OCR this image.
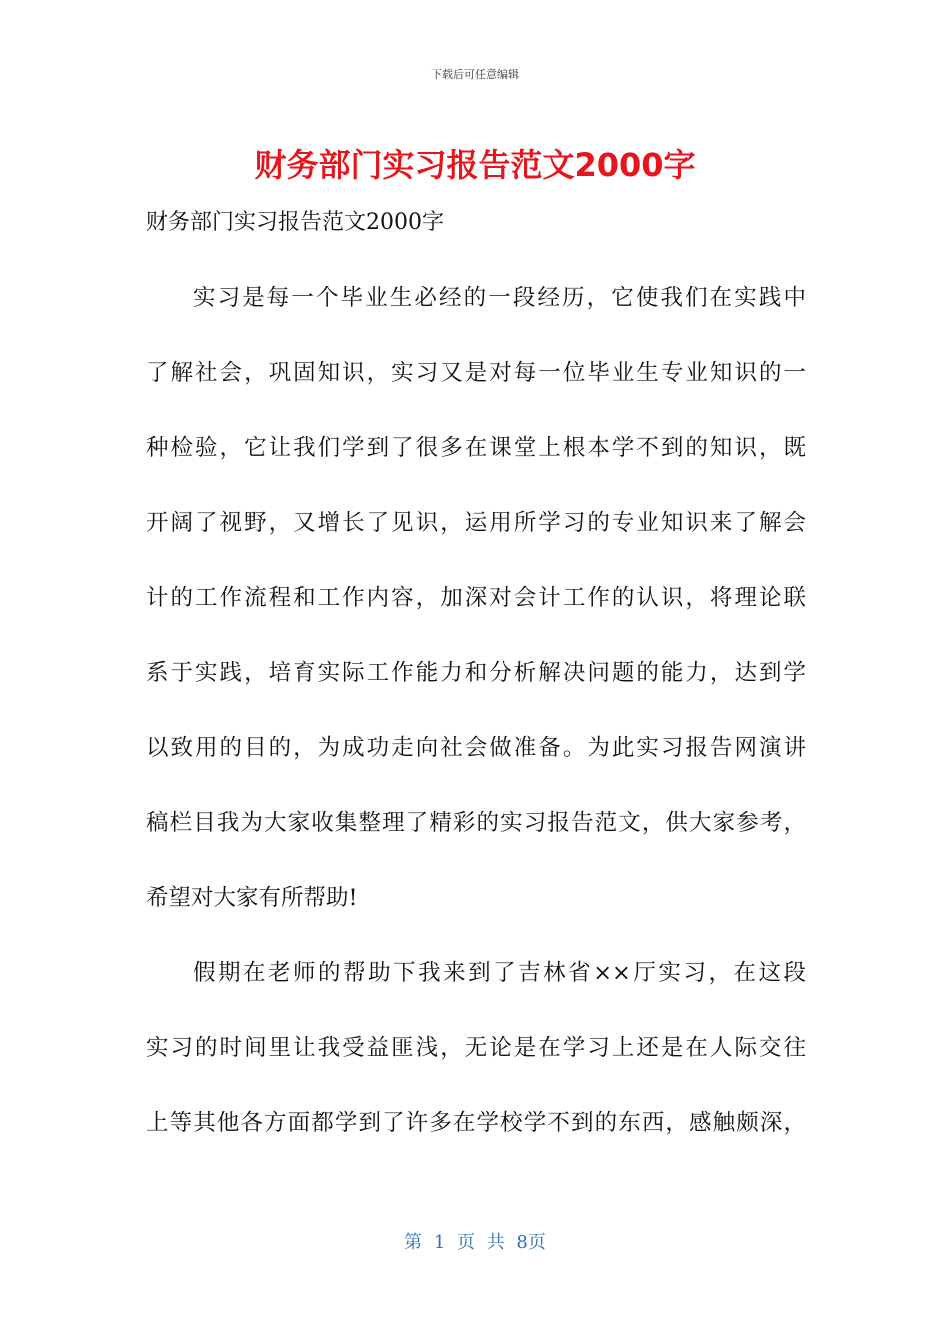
下载后可任意编辑
财务部门实习报告范文2000字
财务部门实习报告范文2000字
实习是每一个毕业生必经的一段经历，它使我们在实践中
了解社会，巩固知识，实习又是对每一位毕业生专业知识的一
种检验，它让我们学到了很多在课堂上根本学不到的知识，既
开阔了视野，又增长了见识，运用所学习的专业知识来了解会
计的工作流程和工作内容，加深对会计工作的认识，将理论联
系于实践，培育实际工作能力和分析解决问题的能力，达到学
以致用的目的，为成功走向社会做准备。为此实习报告网演讲
稿栏目我为大家收集整理了精彩的实习报告范文，供大家参考，
希望对大家有所帮助!
假期在老师的帮助下我来到了吉林省××厅实习，在这段
实习的时间里让我受益匪浅，无论是在学习上还是在人际交往
上等其他各方面都学到了许多在学校学不到的东西，感触颇深，
第 1 页 共 8页
